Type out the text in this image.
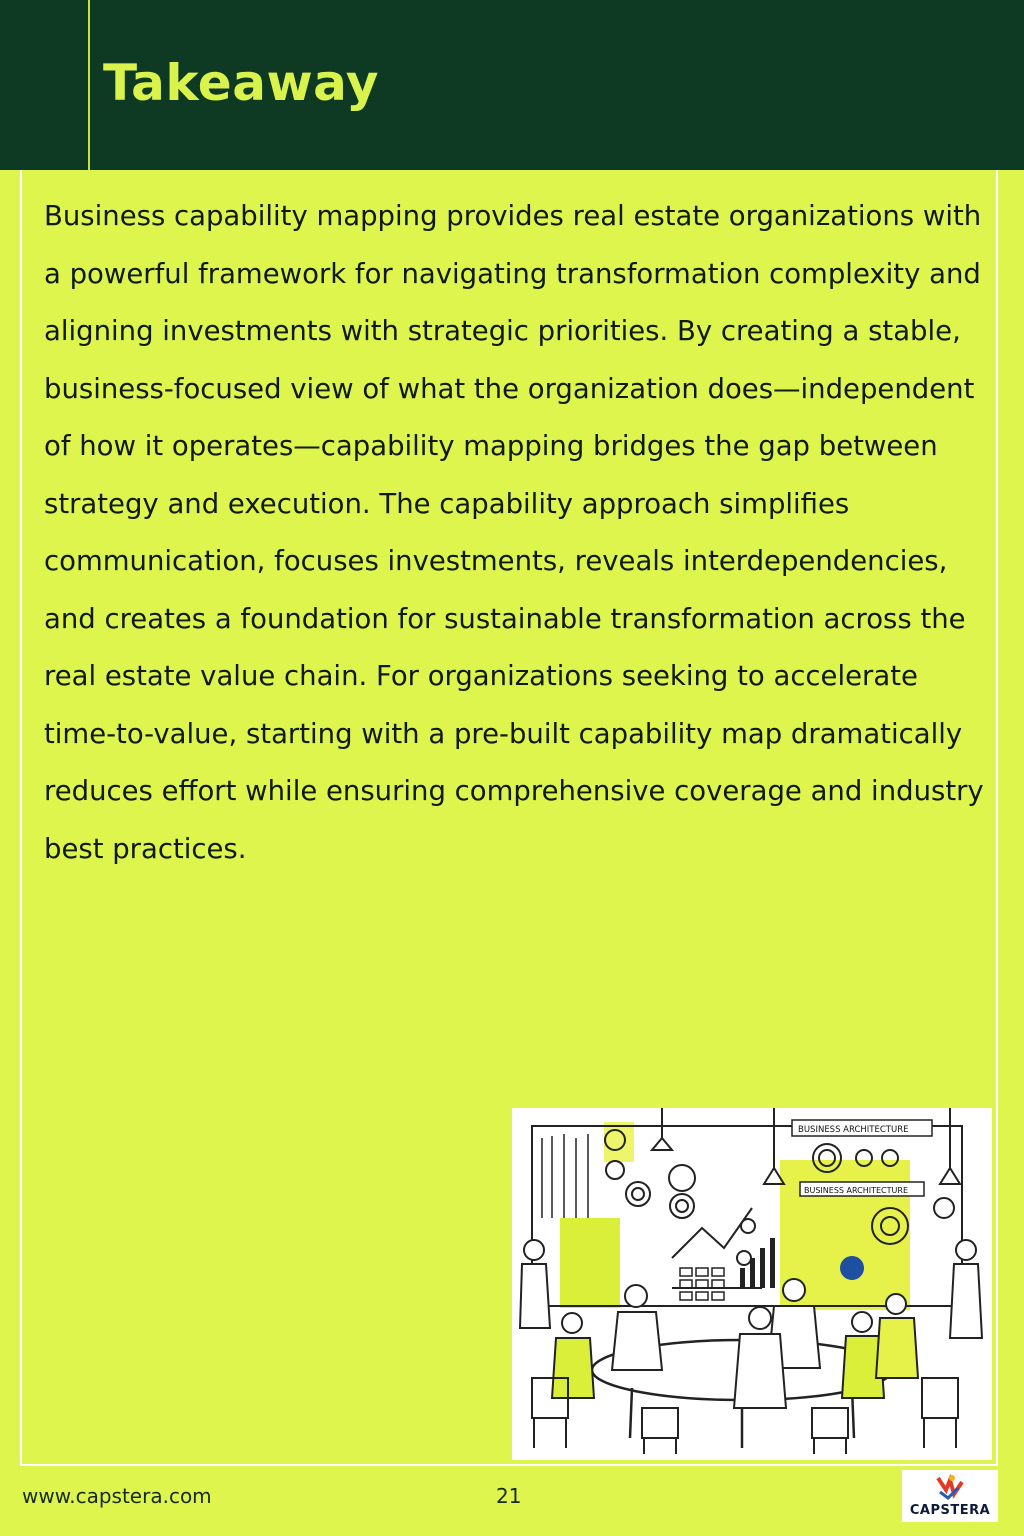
Takeaway

Business capability mapping provides real estate organizations with a powerful framework for navigating transformation complexity and aligning investments with strategic priorities. By creating a stable, business-focused view of what the organization does—independent of how it operates—capability mapping bridges the gap between strategy and execution. The capability approach simplifies communication, focuses investments, reveals interdependencies, and creates a foundation for sustainable transformation across the real estate value chain. For organizations seeking to accelerate time-to-value, starting with a pre-built capability map dramatically reduces effort while ensuring comprehensive coverage and industry best practices.

BUSINESS ARCHITECTURE
BUSINESS ARCHITECTURE
www.capstera.com	21
CAPSTERA
